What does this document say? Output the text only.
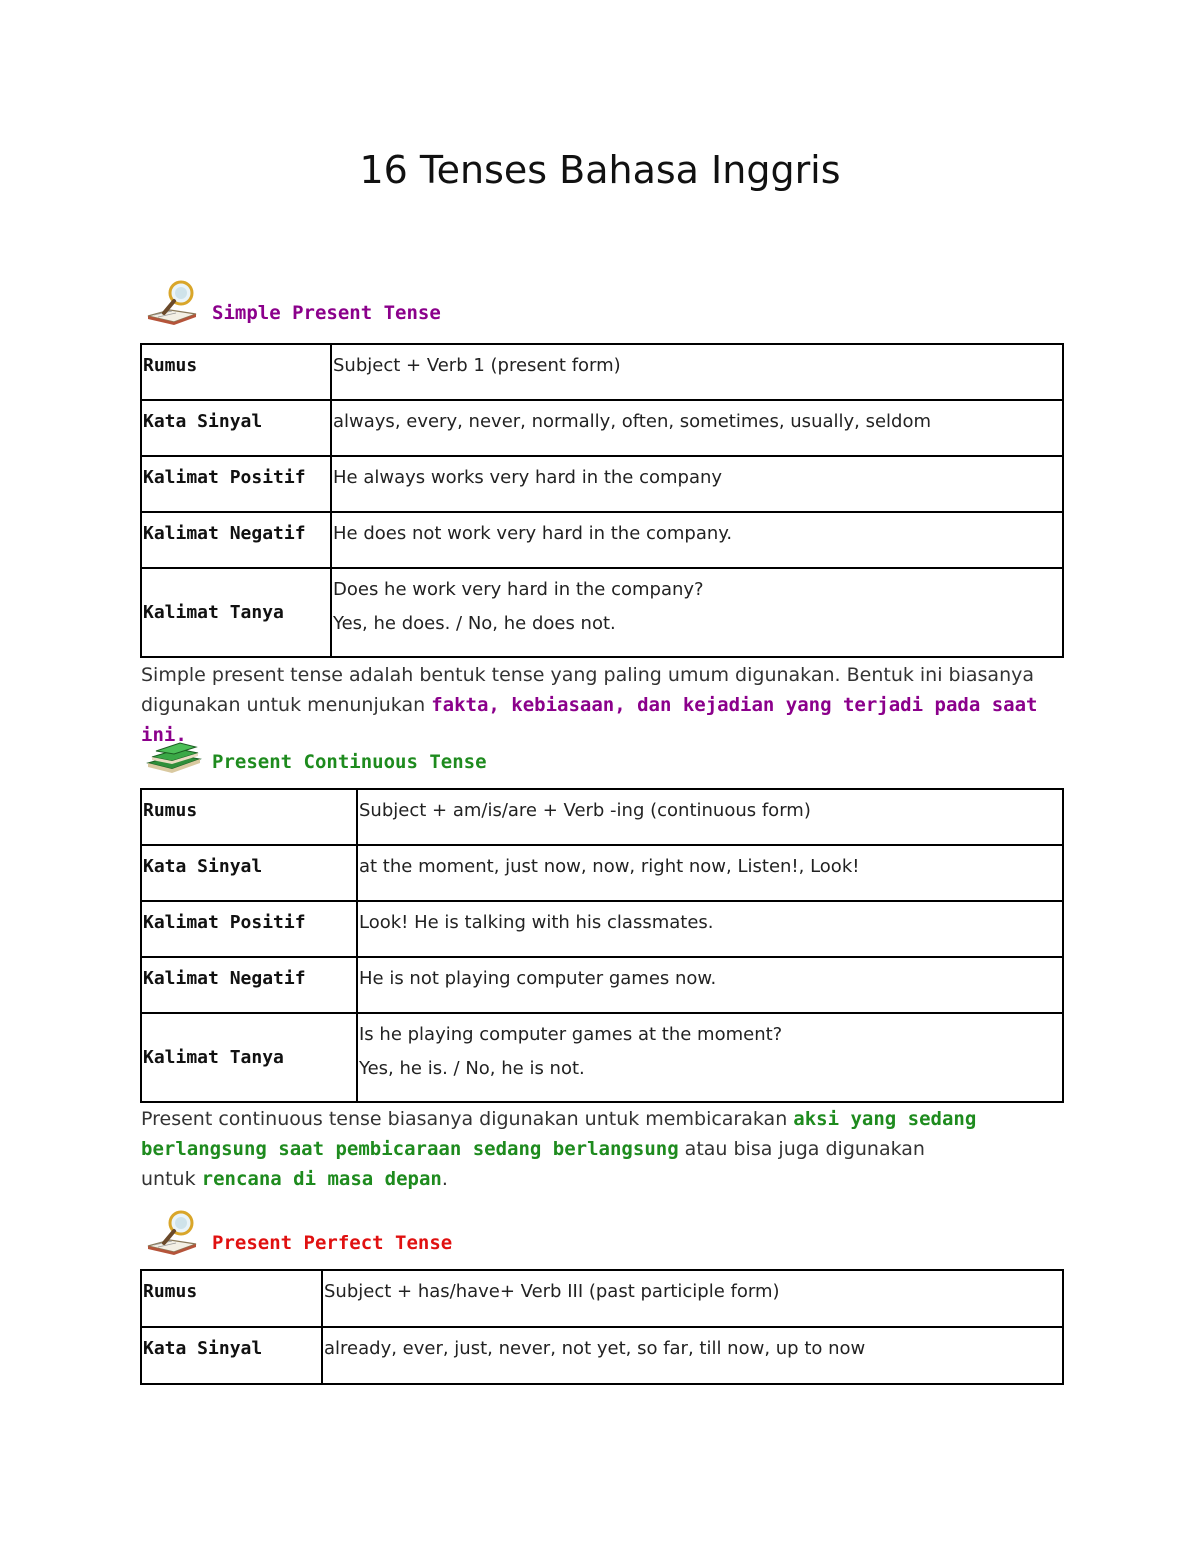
16 Tenses Bahasa Inggris
Simple Present Tense
Rumus	Subject + Verb 1 (present form)
Kata Sinyal	always, every, never, normally, often, sometimes, usually, seldom
Kalimat Positif	He always works very hard in the company
Kalimat Negatif	He does not work very hard in the company.
Kalimat Tanya	Does he work very hard in the company?
Yes, he does. / No, he does not.
Simple present tense adalah bentuk tense yang paling umum digunakan. Bentuk ini biasanya
digunakan untuk menunjukan fakta, kebiasaan, dan kejadian yang terjadi pada saat ini.
Present Continuous Tense
Rumus	Subject + am/is/are + Verb -ing (continuous form)
Kata Sinyal	at the moment, just now, now, right now, Listen!, Look!
Kalimat Positif	Look! He is talking with his classmates.
Kalimat Negatif	He is not playing computer games now.
Kalimat Tanya	Is he playing computer games at the moment?
Yes, he is. / No, he is not.
Present continuous tense biasanya digunakan untuk membicarakan aksi yang sedang
berlangsung saat pembicaraan sedang berlangsung atau bisa juga digunakan
untuk rencana di masa depan.
Present Perfect Tense
Rumus	Subject + has/have+ Verb III (past participle form)
Kata Sinyal	already, ever, just, never, not yet, so far, till now, up to now
